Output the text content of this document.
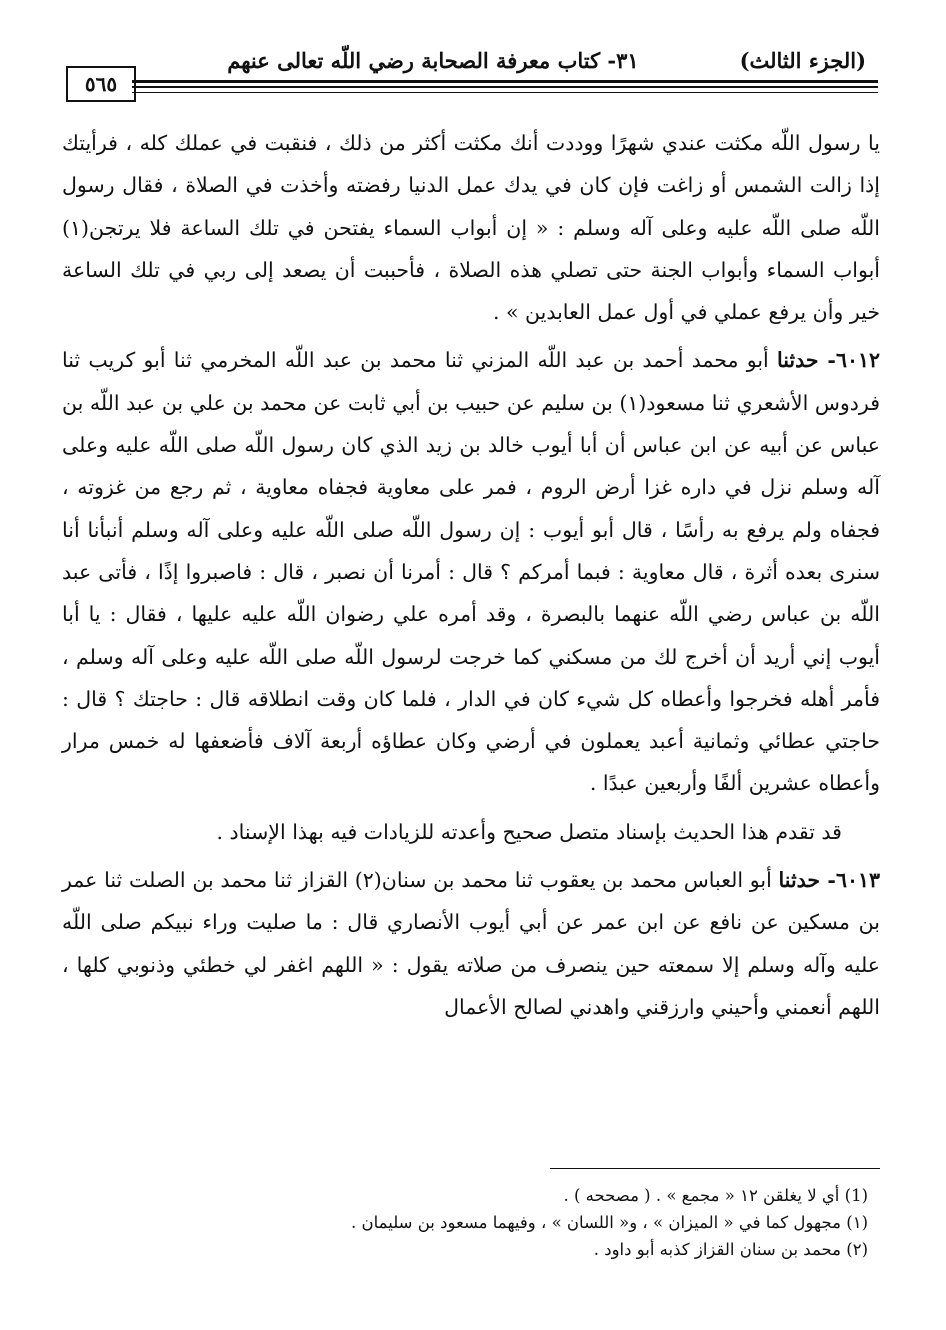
(الجزء الثالث)
٣١- كتاب معرفة الصحابة رضي اللّه تعالى عنهم
٥٦٥

يا رسول اللّه مكثت عندي شهرًا ووددت أنك مكثت أكثر من ذلك ، فنقبت في عملك كله ، فرأيتك إذا زالت الشمس أو زاغت فإن كان في يدك عمل الدنيا رفضته وأخذت في الصلاة ، فقال رسول اللّه صلى اللّه عليه وعلى آله وسلم : « إن أبواب السماء يفتحن في تلك الساعة فلا يرتجن(١) أبواب السماء وأبواب الجنة حتى تصلي هذه الصلاة ، فأحببت أن يصعد إلى ربي في تلك الساعة خير وأن يرفع عملي في أول عمل العابدين » .

٦٠١٢- حدثنا أبو محمد أحمد بن عبد اللّه المزني ثنا محمد بن عبد اللّه المخرمي ثنا أبو كريب ثنا فردوس الأشعري ثنا مسعود(١) بن سليم عن حبيب بن أبي ثابت عن محمد بن علي بن عبد اللّه بن عباس عن أبيه عن ابن عباس أن أبا أيوب خالد بن زيد الذي كان رسول اللّه صلى اللّه عليه وعلى آله وسلم نزل في داره غزا أرض الروم ، فمر على معاوية فجفاه معاوية ، ثم رجع من غزوته ، فجفاه ولم يرفع به رأسًا ، قال أبو أيوب : إن رسول اللّه صلى اللّه عليه وعلى آله وسلم أنبأنا أنا سنرى بعده أثرة ، قال معاوية : فبما أمركم ؟ قال : أمرنا أن نصبر ، قال : فاصبروا إذًا ، فأتى عبد اللّه بن عباس رضي اللّه عنهما بالبصرة ، وقد أمره علي رضوان اللّه عليه عليها ، فقال : يا أبا أيوب إني أريد أن أخرج لك من مسكني كما خرجت لرسول اللّه صلى اللّه عليه وعلى آله وسلم ، فأمر أهله فخرجوا وأعطاه كل شيء كان في الدار ، فلما كان وقت انطلاقه قال : حاجتك ؟ قال : حاجتي عطائي وثمانية أعبد يعملون في أرضي وكان عطاؤه أربعة آلاف فأضعفها له خمس مرار وأعطاه عشرين ألفًا وأربعين عبدًا .

قد تقدم هذا الحديث بإسناد متصل صحيح وأعدته للزيادات فيه بهذا الإسناد .

٦٠١٣- حدثنا أبو العباس محمد بن يعقوب ثنا محمد بن سنان(٢) القزاز ثنا محمد بن الصلت ثنا عمر بن مسكين عن نافع عن ابن عمر عن أبي أيوب الأنصاري قال : ما صليت وراء نبيكم صلى اللّه عليه وآله وسلم إلا سمعته حين ينصرف من صلاته يقول : « اللهم اغفر لي خطئي وذنوبي كلها ، اللهم أنعمني وأحيني وارزقني واهدني لصالح الأعمال

(1) أي لا يغلقن ١٢ « مجمع » . ( مصححه ) .
(١) مجهول كما في « الميزان » ، و« اللسان » ، وفيهما مسعود بن سليمان .
(٢) محمد بن سنان القزاز كذبه أبو داود .
